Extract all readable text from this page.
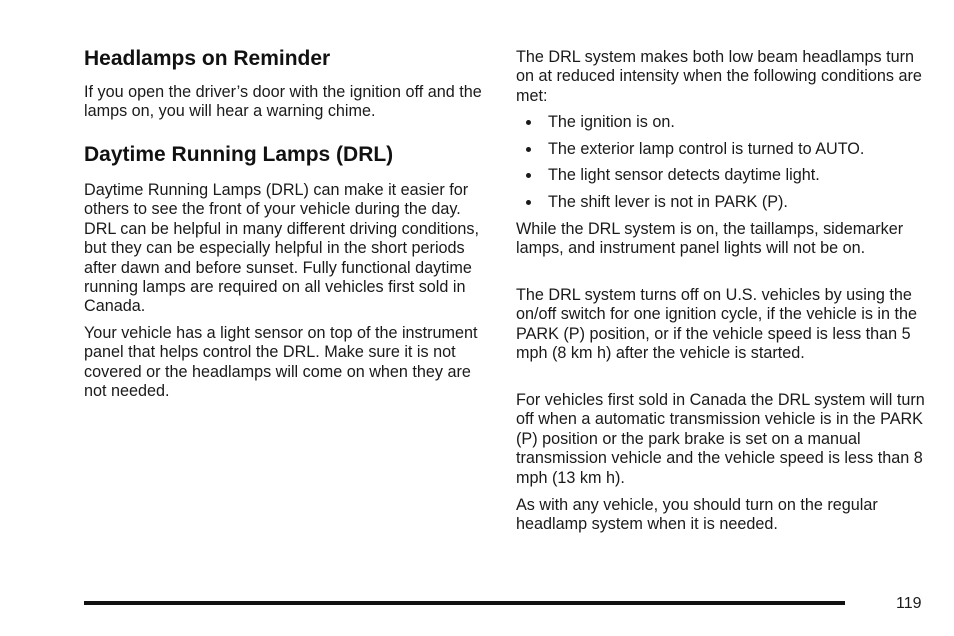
Headlamps on Reminder

If you open the driver’s door with the ignition off and the lamps on, you will hear a warning chime.

Daytime Running Lamps (DRL)

Daytime Running Lamps (DRL) can make it easier for others to see the front of your vehicle during the day. DRL can be helpful in many different driving conditions, but they can be especially helpful in the short periods after dawn and before sunset. Fully functional daytime running lamps are required on all vehicles first sold in Canada.

Your vehicle has a light sensor on top of the instrument panel that helps control the DRL. Make sure it is not covered or the headlamps will come on when they are not needed.

The DRL system makes both low beam headlamps turn on at reduced intensity when the following conditions are met:

The ignition is on.
The exterior lamp control is turned to AUTO.
The light sensor detects daytime light.
The shift lever is not in PARK (P).

While the DRL system is on, the taillamps, sidemarker lamps, and instrument panel lights will not be on.

The DRL system turns off on U.S. vehicles by using the on/off switch for one ignition cycle, if the vehicle is in the PARK (P) position, or if the vehicle speed is less than 5 mph (8 km h) after the vehicle is started.

For vehicles first sold in Canada the DRL system will turn off when a automatic transmission vehicle is in the PARK (P) position or the park brake is set on a manual transmission vehicle and the vehicle speed is less than 8 mph (13 km h).

As with any vehicle, you should turn on the regular headlamp system when it is needed.

119
